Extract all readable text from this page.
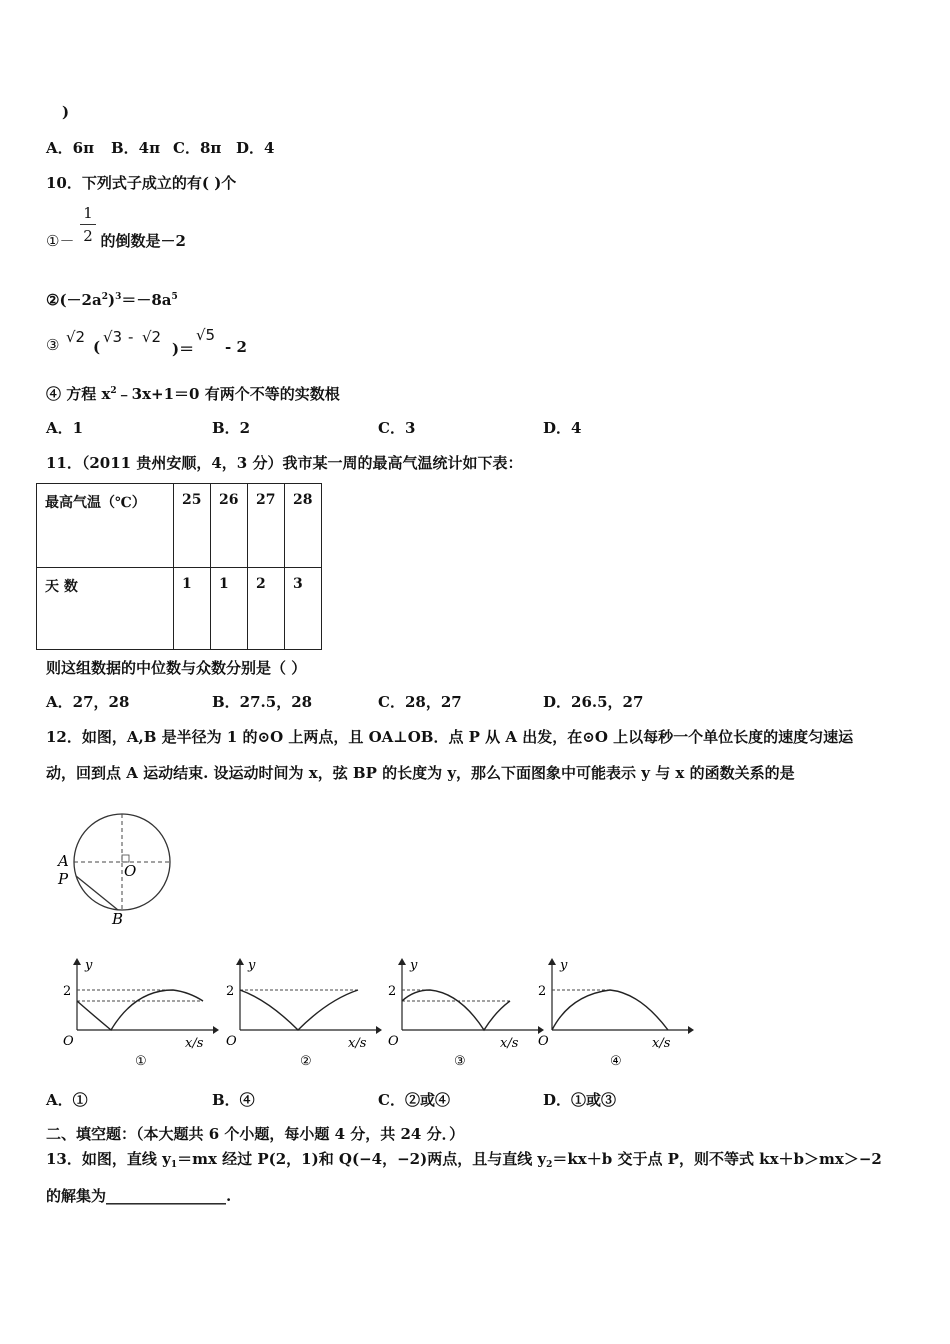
)
A．6π B．4π C．8π D．4
10．下列式子成立的有( )个
①－ 的倒数是－2
1
2
$②(-2a^2)^3=-8a^5$
③ √2
(
√3 - √2
)＝
√5
- 2
④ 方程 $x^2﹣3x+1=0$ 有两个不等的实数根
A．1	B．2	C．3	D．4
11．（2011 贵州安顺，4，3 分）我市某一周的最高气温统计如下表：
最高气温（℃）	25	26	27	28
天 数	1	1	2	3
则这组数据的中位数与众数分别是（ ）
A．27，28	B．27.5，28	C．28，27	D．26.5，27
12．如图，A,B 是半径为 1 的⊙O 上两点，且 OA⊥OB．点 P 从 A 出发，在⊙O 上以每秒一个单位长度的速度匀速运
动，回到点 A 运动结束. 设运动时间为 x，弦 BP 的长度为 y，那么下面图象中可能表示 y 与 x 的函数关系的是
A
P	O
B
y
2
O	x/s
①
y
2
O	x/s
②
y
2
O	x/s
③
y
2
O	x/s
④
A．①	B．④	C．②或④	D．①或③
二、填空题：（本大题共 6 个小题，每小题 4 分，共 24 分．）
13．如图，直线 $y_1=mx$ 经过 P(2，1)和 Q(−4，−2)两点，且与直线 $y_2=kx+b$ 交于点 P，则不等式 kx＋b＞mx＞−2
的解集为________________.
